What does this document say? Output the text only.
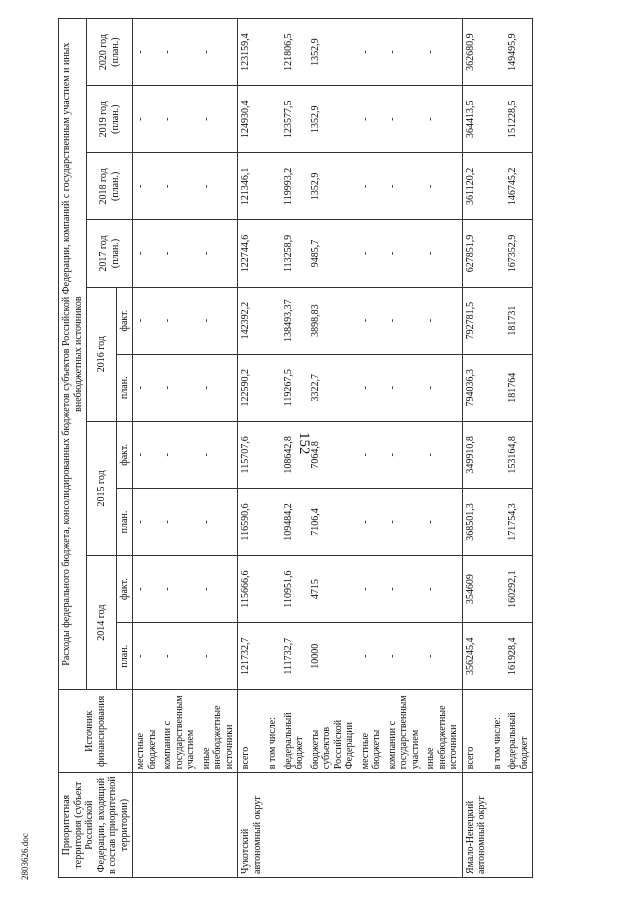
152
2803626.doc
Приоритетная территория (субъект Российской Федерации, входящий в состав приоритетной территории)	Источник финансирования	Расходы федерального бюджета, консолидированных бюджетов субъектов Российской Федерации, компаний с государственным участием и иных внебюджетных источников									
		2014 год		2015 год		2016 год		2017 год (план.)	2018 год (план.)	2019 год (план.)	2020 год (план.)
		план.	факт.	план.	факт.	план.	факт.				
	местные бюджеты	-	-	-	-	-	-	-	-	-	-
	компании с государственным участием	-	-	-	-	-	-	-	-	-	-
	иные внебюджетные источники	-	-	-	-	-	-	-	-	-	-
Чукотский автономный округ	всего	121732,7	115666,6	116590,6	115707,6	122590,2	142392,2	122744,6	121346,1	124930,4	123159,4
	в том числе:										
	федеральный бюджет	111732,7	110951,6	109484,2	108642,8	119267,5	138493,37	113258,9	119993,2	123577,5	121806,5
	бюджеты субъектов Российской Федерации	10000	4715	7106,4	7064,8	3322,7	3898,83	9485,7	1352,9	1352,9	1352,9
	местные бюджеты	-	-	-	-	-	-	-	-	-	-
	компании с государственным участием	-	-	-	-	-	-	-	-	-	-
	иные внебюджетные источники	-	-	-	-	-	-	-	-	-	-
Ямало-Ненецкий автономный округ	всего	356245,4	354609	368501,3	349910,8	794036,3	792781,5	627851,9	361120,2	364413,5	362680,9
	в том числе:										
	федеральный бюджет	161928,4	160292,1	171754,3	153164,8	181764	181731	167352,9	146745,2	151228,5	149495,9
